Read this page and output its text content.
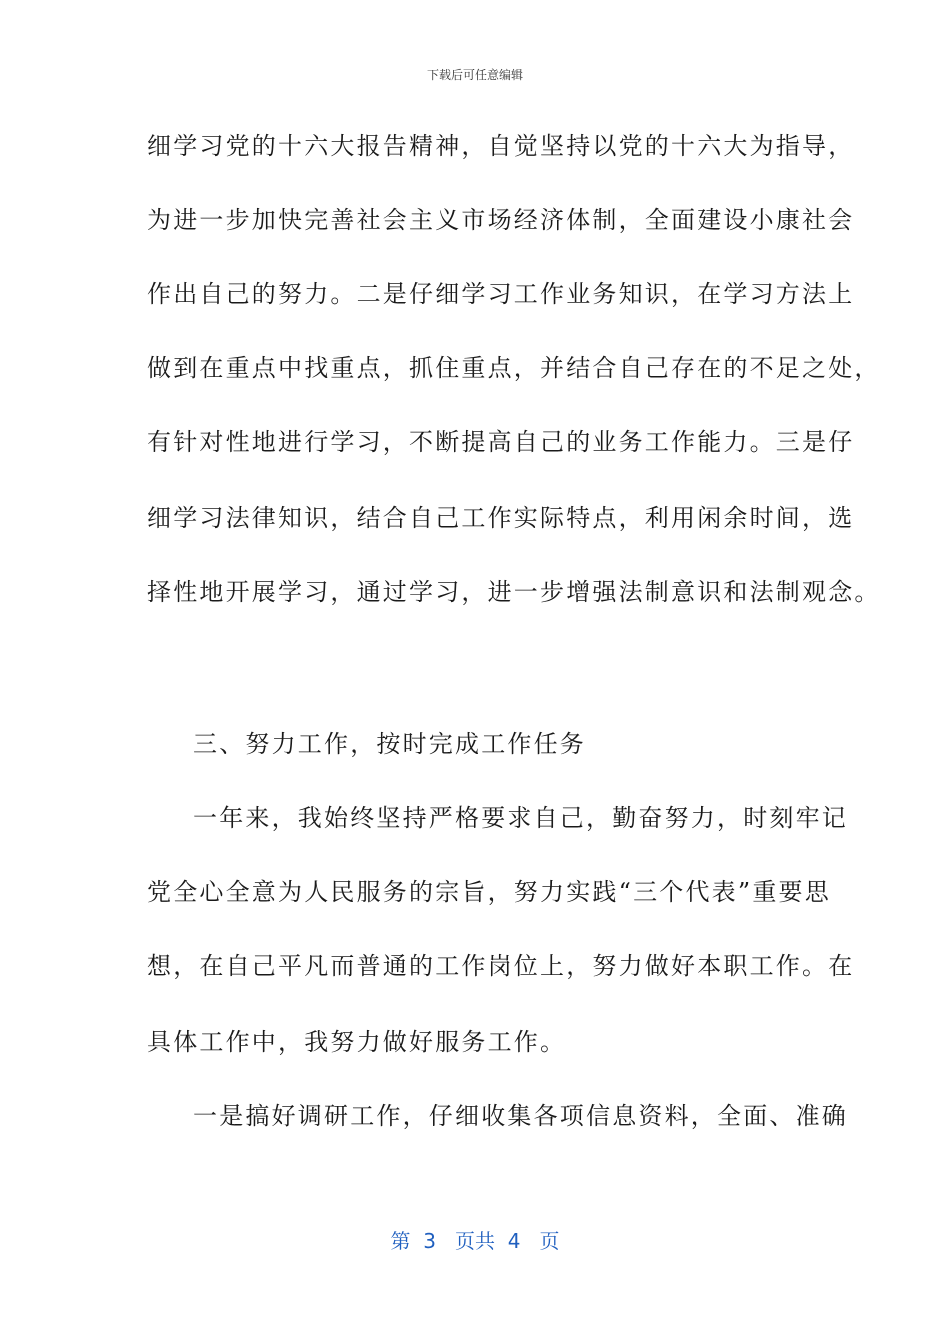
下载后可任意编辑
细学习党的十六大报告精神，自觉坚持以党的十六大为指导，
为进一步加快完善社会主义市场经济体制，全面建设小康社会
作出自己的努力。二是仔细学习工作业务知识，在学习方法上
做到在重点中找重点，抓住重点，并结合自己存在的不足之处，
有针对性地进行学习，不断提高自己的业务工作能力。三是仔
细学习法律知识，结合自己工作实际特点，利用闲余时间，选
择性地开展学习，通过学习，进一步增强法制意识和法制观念。
三、努力工作，按时完成工作任务
一年来，我始终坚持严格要求自己，勤奋努力，时刻牢记
党全心全意为人民服务的宗旨，努力实践“三个代表”重要思
想，在自己平凡而普通的工作岗位上，努力做好本职工作。在
具体工作中，我努力做好服务工作。
一是搞好调研工作，仔细收集各项信息资料，全面、准确
第  3   页共  4   页
